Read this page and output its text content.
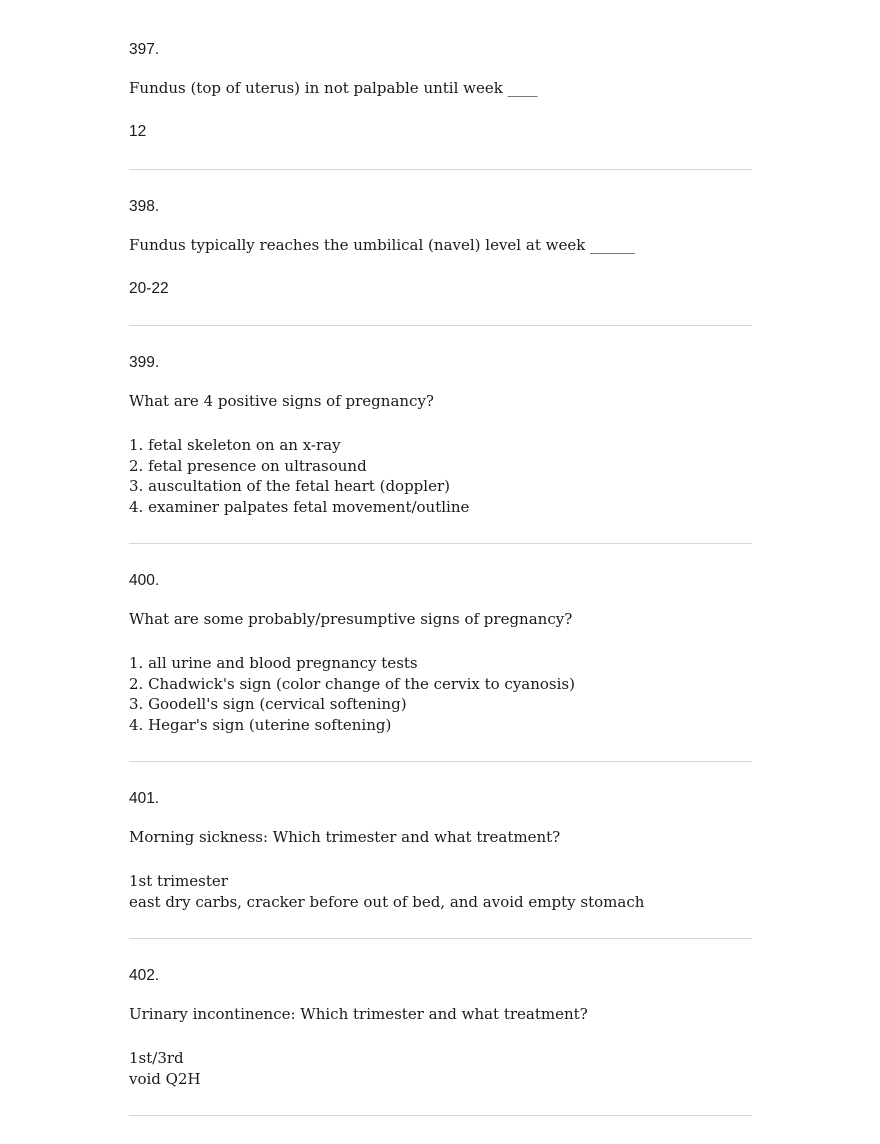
397.
Fundus (top of uterus) in not palpable until week ____
12
398.
Fundus typically reaches the umbilical (navel) level at week ______
20-22
399.
What are 4 positive signs of pregnancy?
1. fetal skeleton on an x-ray
2. fetal presence on ultrasound
3. auscultation of the fetal heart (doppler)
4. examiner palpates fetal movement/outline
400.
What are some probably/presumptive signs of pregnancy?
1. all urine and blood pregnancy tests
2. Chadwick's sign (color change of the cervix to cyanosis)
3. Goodell's sign (cervical softening)
4. Hegar's sign (uterine softening)
401.
Morning sickness: Which trimester and what treatment?
1st trimester
east dry carbs, cracker before out of bed, and avoid empty stomach
402.
Urinary incontinence: Which trimester and what treatment?
1st/3rd
void Q2H
